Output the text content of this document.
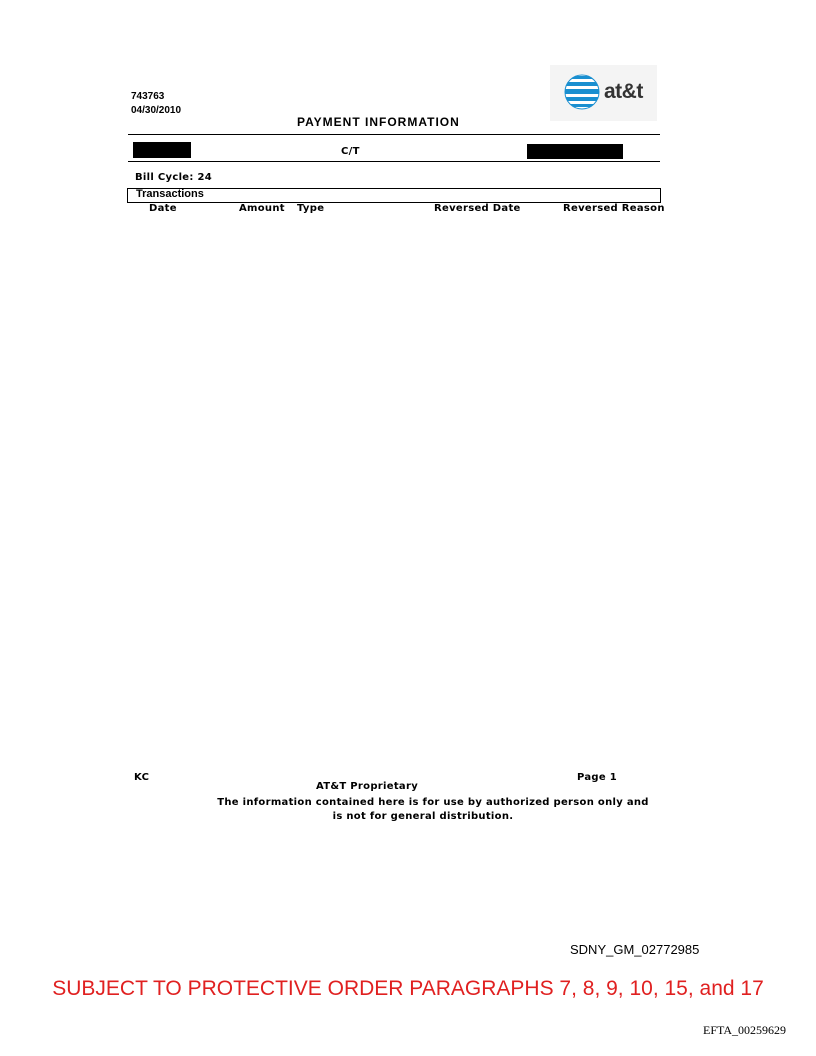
743763
04/30/2010
PAYMENT INFORMATION
at&t
C/T
Bill Cycle: 24
Transactions
Date	Amount Type	Reversed Date	Reversed Reason
KC	Page 1
AT&T Proprietary
The information contained here is for use by authorized person only and
is not for general distribution.
SDNY_GM_02772985
SUBJECT TO PROTECTIVE ORDER PARAGRAPHS 7, 8, 9, 10, 15, and 17
EFTA_00259629
